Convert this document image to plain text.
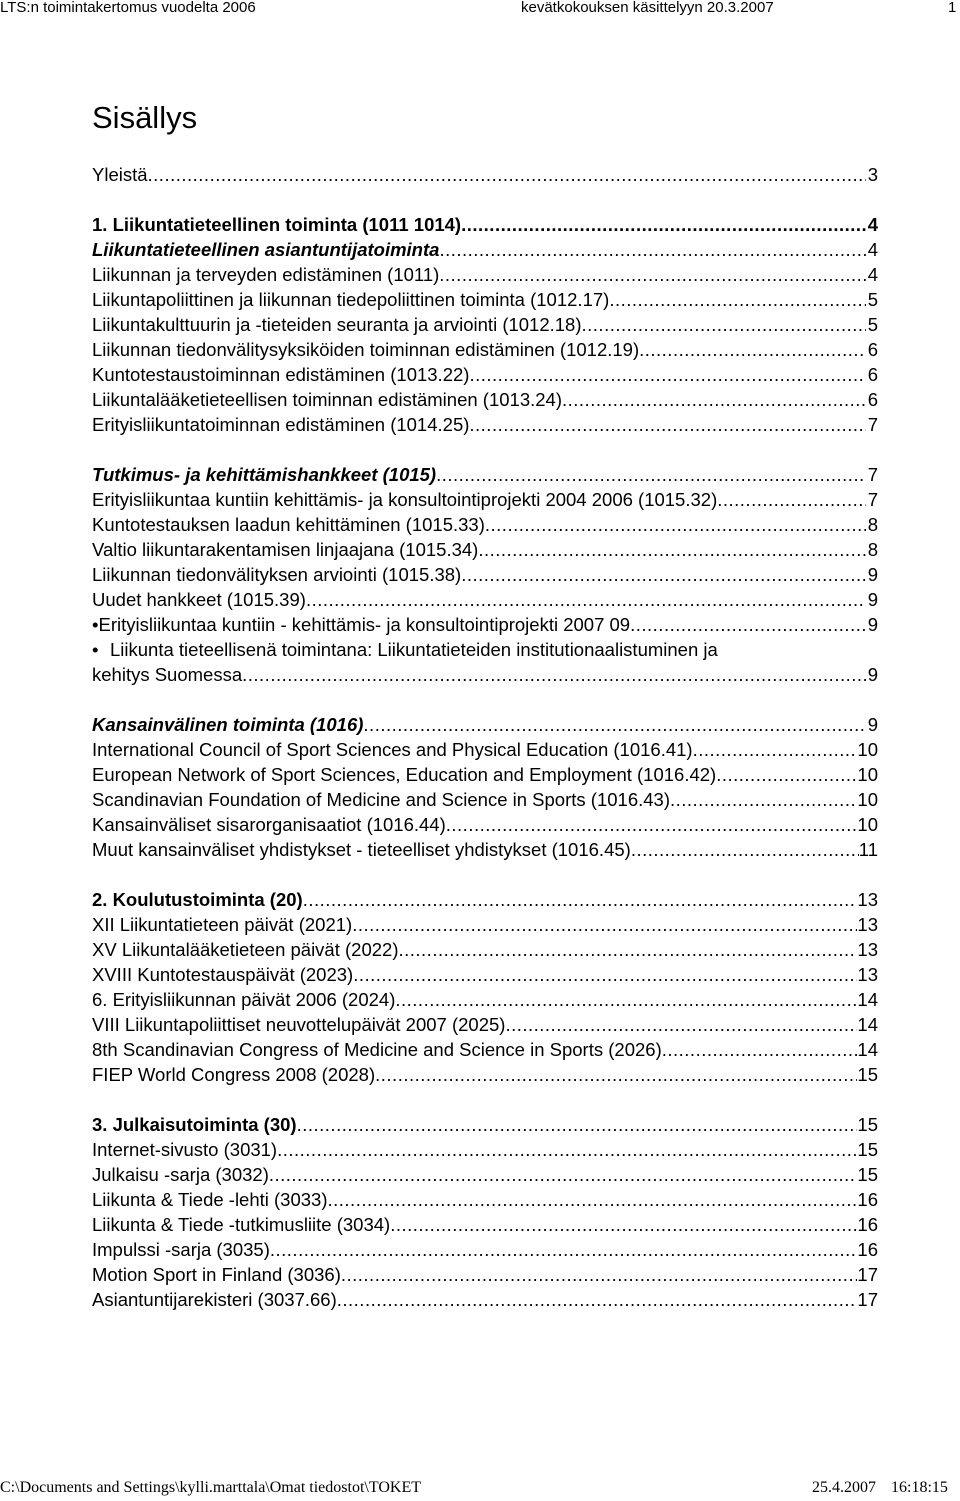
LTS:n toimintakertomus vuodelta 2006	kevätkokouksen käsittelyyn 20.3.2007	1
Sisällys
Yleistä .....	3
1. Liikuntatieteellinen toiminta (1011 1014) .....	4
Liikuntatieteellinen asiantuntijatoiminta .....	4
Liikunnan ja terveyden edistäminen (1011) .....	4
Liikuntapoliittinen ja liikunnan tiedepoliittinen toiminta (1012.17) .....	5
Liikuntakulttuurin ja -tieteiden seuranta ja arviointi (1012.18) .....	5
Liikunnan tiedonvälitysyksiköiden toiminnan edistäminen (1012.19) .....	6
Kuntotestaustoiminnan edistäminen (1013.22) .....	6
Liikuntalääketieteellisen toiminnan edistäminen (1013.24) .....	6
Erityisliikuntatoiminnan edistäminen (1014.25) .....	7
Tutkimus- ja kehittämishankkeet (1015) .....	7
Erityisliikuntaa kuntiin kehittämis- ja konsultointiprojekti 2004 2006 (1015.32) .....	7
Kuntotestauksen laadun kehittäminen (1015.33) .....	8
Valtio liikuntarakentamisen linjaajana (1015.34) .....	8
Liikunnan tiedonvälityksen arviointi (1015.38) .....	9
Uudet hankkeet (1015.39) .....	9
• Erityisliikuntaa kuntiin - kehittämis- ja konsultointiprojekti 2007 09 .....	9
• Liikunta tieteellisenä toimintana: Liikuntatieteiden institutionaalistuminen ja
kehitys Suomessa .....	9
Kansainvälinen toiminta (1016) .....	9
International Council of Sport Sciences and Physical Education (1016.41) .....	10
European Network of Sport Sciences, Education and Employment (1016.42) .....	10
Scandinavian Foundation of Medicine and Science in Sports (1016.43) .....	10
Kansainväliset sisarorganisaatiot (1016.44) .....	10
Muut kansainväliset yhdistykset - tieteelliset yhdistykset (1016.45) .....	11
2. Koulutustoiminta (20) .....	13
XII Liikuntatieteen päivät (2021) .....	13
XV Liikuntalääketieteen päivät (2022) .....	13
XVIII Kuntotestauspäivät (2023) .....	13
6. Erityisliikunnan päivät 2006 (2024) .....	14
VIII Liikuntapoliittiset neuvottelupäivät 2007 (2025) .....	14
8th Scandinavian Congress of Medicine and Science in Sports (2026) .....	14
FIEP World Congress 2008 (2028) .....	15
3. Julkaisutoiminta (30) .....	15
Internet-sivusto (3031) .....	15
Julkaisu -sarja (3032) .....	15
Liikunta & Tiede -lehti (3033) .....	16
Liikunta & Tiede -tutkimusliite (3034) .....	16
Impulssi -sarja (3035) .....	16
Motion Sport in Finland (3036) .....	17
Asiantuntijarekisteri (3037.66) .....	17
C:\Documents and Settings\kylli.marttala\Omat tiedostot\TOKET	25.4.2007 16:18:15
